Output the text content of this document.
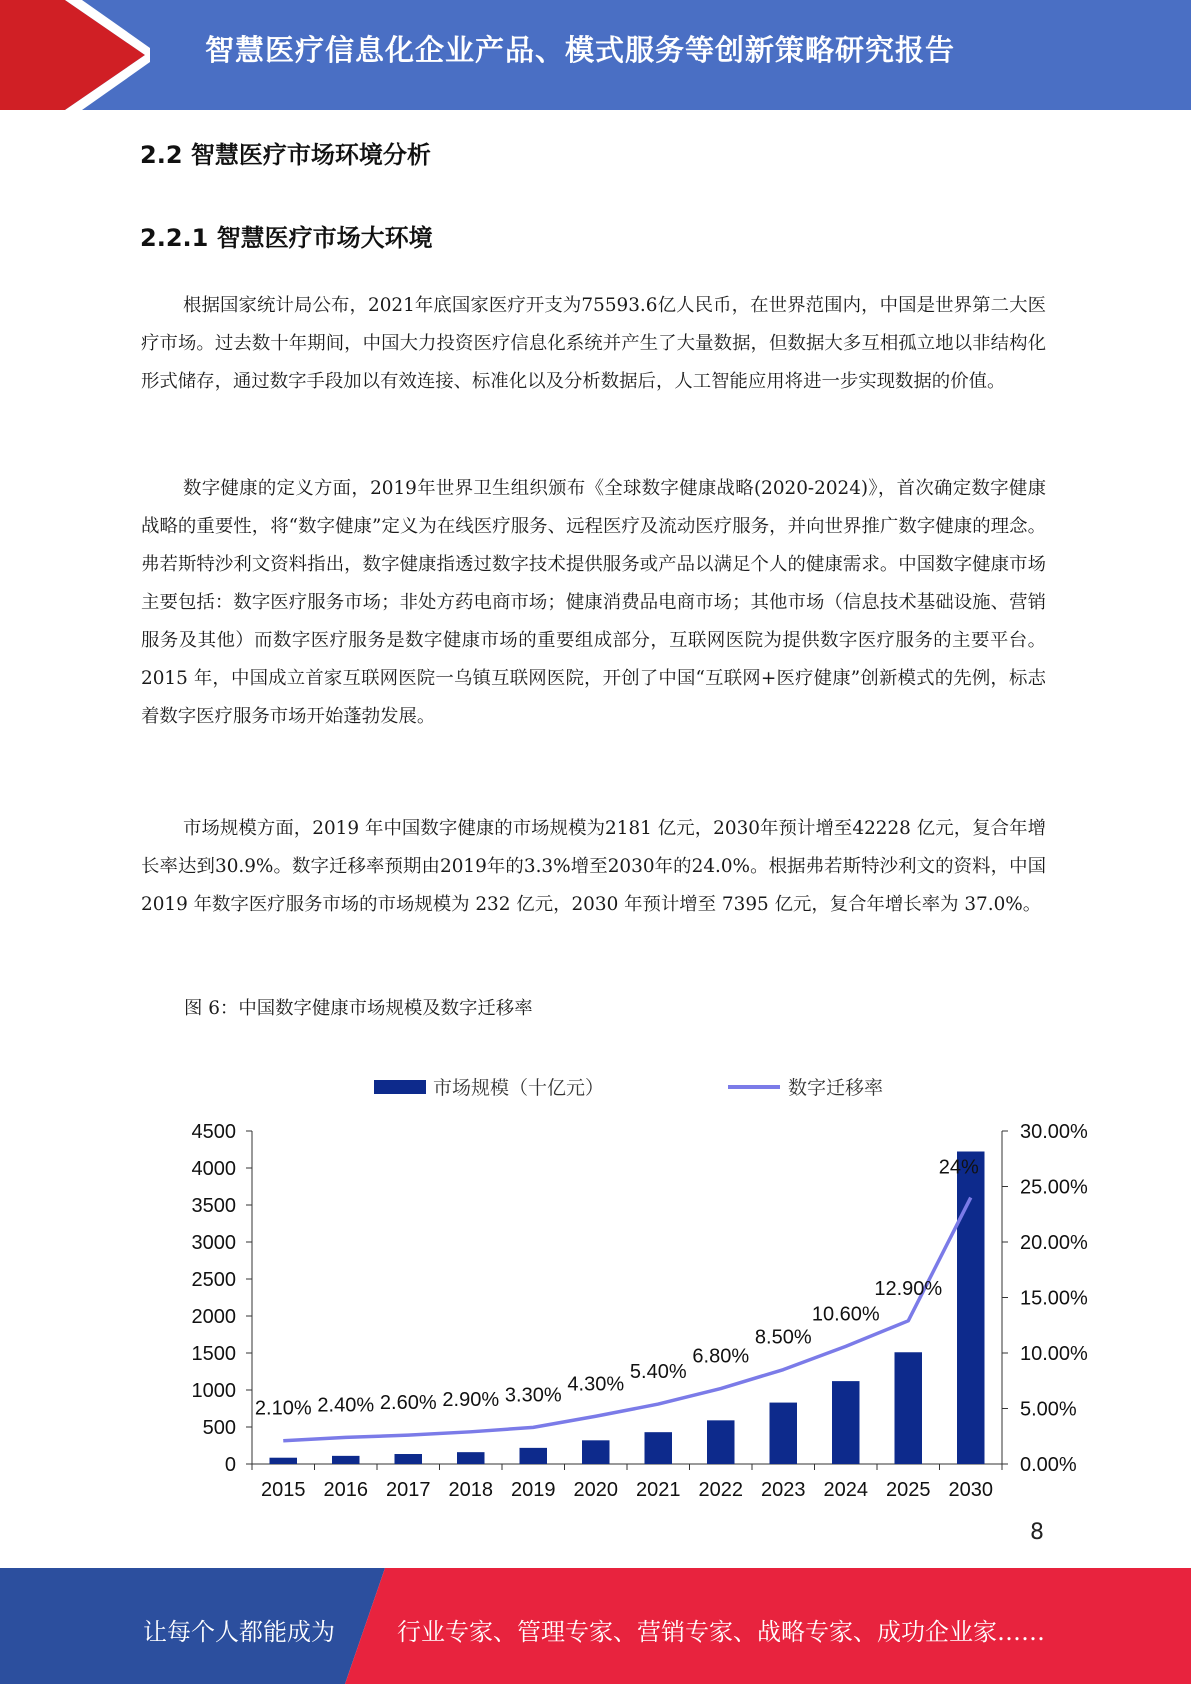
智慧医疗信息化企业产品、模式服务等创新策略研究报告
2.2 智慧医疗市场环境分析
2.2.1 智慧医疗市场大环境
根据国家统计局公布，2021年底国家医疗开支为75593.6亿人民币，在世界范围内，中国是世界第二大医疗市场。过去数十年期间，中国大力投资医疗信息化系统并产生了大量数据，但数据大多互相孤立地以非结构化形式储存，通过数字手段加以有效连接、标准化以及分析数据后，人工智能应用将进一步实现数据的价值。
数字健康的定义方面，2019年世界卫生组织颁布《全球数字健康战略(2020-2024)》，首次确定数字健康战略的重要性，将“数字健康”定义为在线医疗服务、远程医疗及流动医疗服务，并向世界推广数字健康的理念。弗若斯特沙利文资料指出，数字健康指透过数字技术提供服务或产品以满足个人的健康需求。中国数字健康市场主要包括：数字医疗服务市场；非处方药电商市场；健康消费品电商市场；其他市场（信息技术基础设施、营销服务及其他）而数字医疗服务是数字健康市场的重要组成部分，互联网医院为提供数字医疗服务的主要平台。2015 年，中国成立首家互联网医院一乌镇互联网医院，开创了中国“互联网+医疗健康”创新模式的先例，标志着数字医疗服务市场开始蓬勃发展。
市场规模方面，2019 年中国数字健康的市场规模为2181 亿元，2030年预计增至42228 亿元，复合年增长率达到30.9%。数字迁移率预期由2019年的3.3%增至2030年的24.0%。根据弗若斯特沙利文的资料，中国 2019 年数字医疗服务市场的市场规模为 232 亿元，2030 年预计增至 7395 亿元，复合年增长率为 37.0%。
图 6：中国数字健康市场规模及数字迁移率
0
500
1000
1500
2000
2500
3000
3500
4000
4500
0.00%
5.00%
10.00%
15.00%
20.00%
25.00%
30.00%
2015 2016 2017 2018 2019 2020 2021 2022 2023 2024 2025 2030
2.10% 2.40% 2.60% 2.90% 3.30%
4.30%
5.40%
6.80%
8.50%
10.60%
12.90%
24%
市场规模（十亿元）	数字迁移率
8
让每个人都能成为	行业专家、管理专家、营销专家、战略专家、成功企业家……
